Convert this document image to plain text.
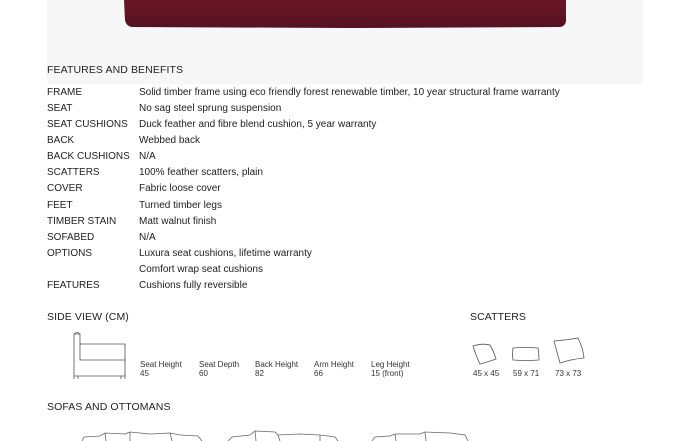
FEATURES AND BENEFITS
FRAME	Solid timber frame using eco friendly forest renewable timber, 10 year structural frame warranty
SEAT	No sag steel sprung suspension
SEAT CUSHIONS Duck feather and fibre blend cushion, 5 year warranty
BACK	Webbed back
BACK CUSHIONS N/A
SCATTERS	100% feather scatters, plain
COVER	Fabric loose cover
FEET	Turned timber legs
TIMBER STAIN Matt walnut finish
SOFABED	N/A
OPTIONS	Luxura seat cushions, lifetime warranty
Comfort wrap seat cushions
FEATURES	Cushions fully reversible
SIDE VIEW (CM)
Seat Height
45
Seat Depth
60
Back Height
82
Arm Height
66
Leg Height
15 (front)
SCATTERS
45 x 45 59 x 71 73 x 73
SOFAS AND OTTOMANS
